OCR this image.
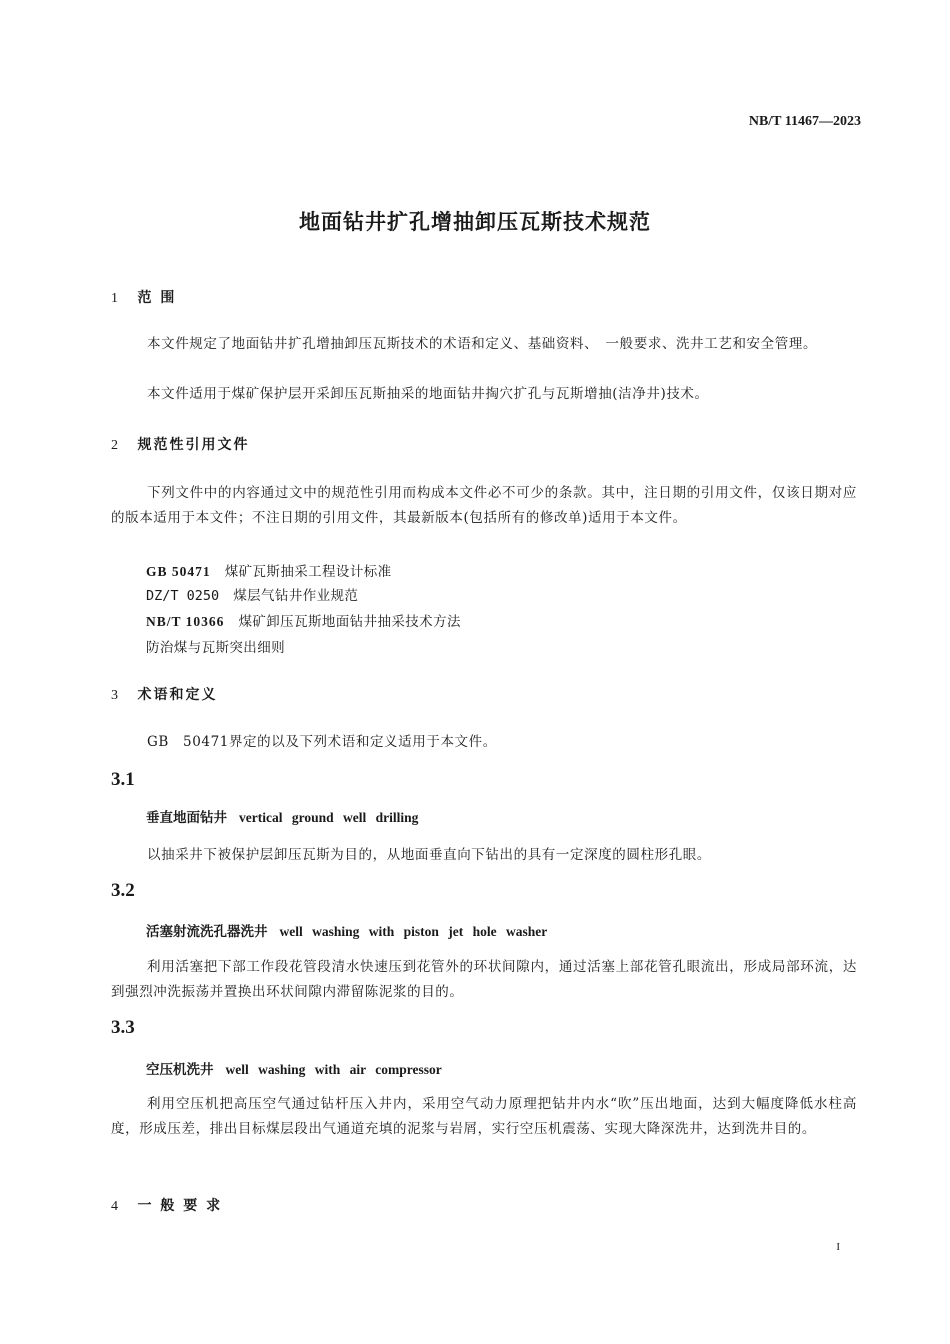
NB/T 11467—2023
地面钻井扩孔增抽卸压瓦斯技术规范
1 范 围
本文件规定了地面钻井扩孔增抽卸压瓦斯技术的术语和定义、基础资料、　一般要求、洗井工艺和安全管理。
本文件适用于煤矿保护层开采卸压瓦斯抽采的地面钻井掏穴扩孔与瓦斯增抽(洁净井)技术。
2 规范性引用文件
下列文件中的内容通过文中的规范性引用而构成本文件必不可少的条款。其中，注日期的引用文件，仅该日期对应的版本适用于本文件；不注日期的引用文件，其最新版本(包括所有的修改单)适用于本文件。
GB 50471 煤矿瓦斯抽采工程设计标准
DZ/T 0250 煤层气钻井作业规范
NB/T 10366 煤矿卸压瓦斯地面钻井抽采技术方法
防治煤与瓦斯突出细则
3 术语和定义
GB　50471界定的以及下列术语和定义适用于本文件。
3.1
垂直地面钻井 vertical ground well drilling
以抽采井下被保护层卸压瓦斯为目的，从地面垂直向下钻出的具有一定深度的圆柱形孔眼。
3.2
活塞射流洗孔器洗井 well washing with piston jet hole washer
利用活塞把下部工作段花管段清水快速压到花管外的环状间隙内，通过活塞上部花管孔眼流出，形成局部环流，达到强烈冲洗振荡并置换出环状间隙内滞留陈泥浆的目的。
3.3
空压机洗井 well washing with air compressor
利用空压机把高压空气通过钻杆压入井内，采用空气动力原理把钻井内水“吹”压出地面，达到大幅度降低水柱高度，形成压差，排出目标煤层段出气通道充填的泥浆与岩屑，实行空压机震荡、实现大降深洗井，达到洗井目的。
4 一 般 要 求
I
